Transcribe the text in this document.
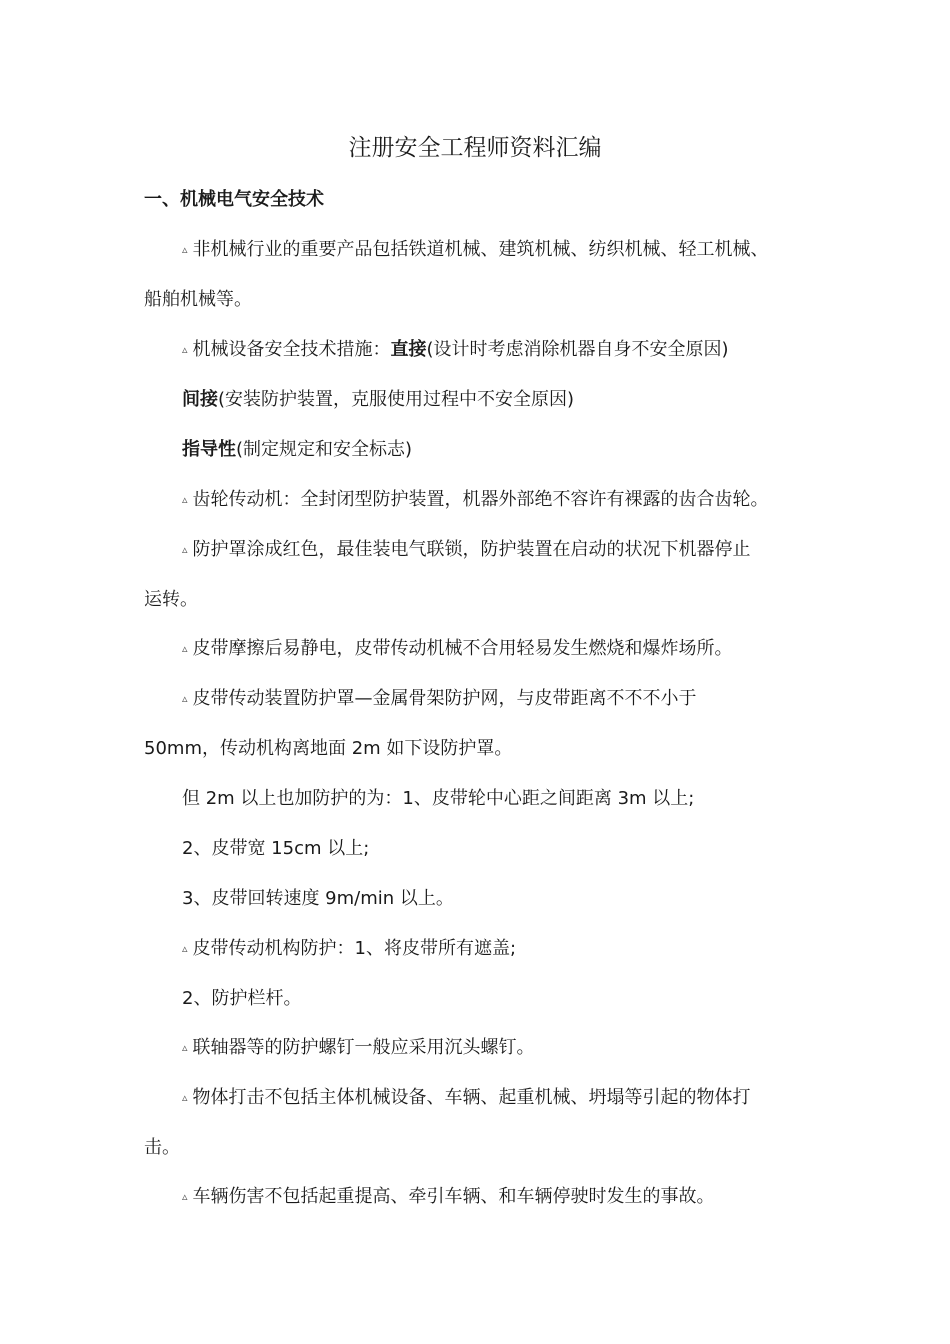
注册安全工程师资料汇编
一、机械电气安全技术
▵ 非机械行业的重要产品包括铁道机械、建筑机械、纺织机械、轻工机械、
船舶机械等。
▵ 机械设备安全技术措施：直接(设计时考虑消除机器自身不安全原因)
间接(安装防护装置，克服使用过程中不安全原因)
指导性(制定规定和安全标志)
▵ 齿轮传动机：全封闭型防护装置，机器外部绝不容许有裸露的齿合齿轮。
▵ 防护罩涂成红色，最佳装电气联锁，防护装置在启动的状况下机器停止
运转。
▵ 皮带摩擦后易静电，皮带传动机械不合用轻易发生燃烧和爆炸场所。
▵ 皮带传动装置防护罩—金属骨架防护网，与皮带距离不不不小于
50mm，传动机构离地面 2m 如下设防护罩。
但 2m 以上也加防护的为：1、皮带轮中心距之间距离 3m 以上;
2、皮带宽 15cm 以上;
3、皮带回转速度 9m/min 以上。
▵ 皮带传动机构防护：1、将皮带所有遮盖;
2、防护栏杆。
▵ 联轴器等的防护螺钉一般应采用沉头螺钉。
▵ 物体打击不包括主体机械设备、车辆、起重机械、坍塌等引起的物体打
击。
▵ 车辆伤害不包括起重提高、牵引车辆、和车辆停驶时发生的事故。
